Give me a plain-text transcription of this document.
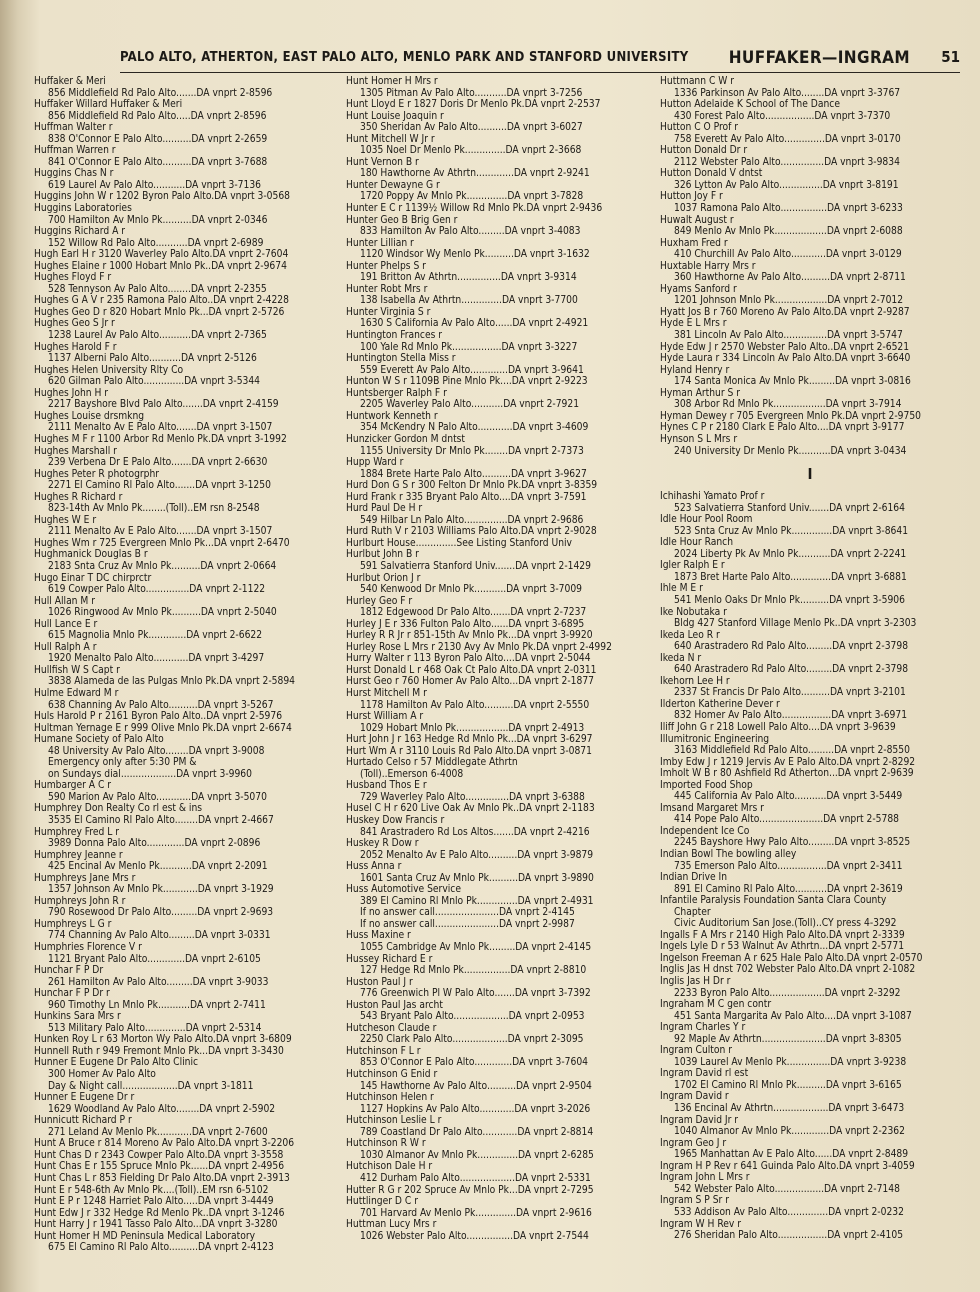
PALO ALTO, ATHERTON, EAST PALO ALTO, MENLO PARK AND STANFORD UNIVERSITY HUFFAKER—INGRAM 51
Huffaker & Meri
856 Middlefield Rd Palo Alto.......DA vnprt 2-8596
Huffaker Willard Huffaker & Meri
856 Middlefield Rd Palo Alto.....DA vnprt 2-8596
Huffman Walter r
838 O'Connor E Palo Alto..........DA vnprt 2-2659
Huffman Warren r
841 O'Connor E Palo Alto..........DA vnprt 3-7688
Huggins Chas N r
619 Laurel Av Palo Alto...........DA vnprt 3-7136
Huggins John W r 1202 Byron Palo Alto.DA vnprt 3-0568
Huggins Laboratories
700 Hamilton Av Mnlo Pk..........DA vnprt 2-0346
Huggins Richard A r
152 Willow Rd Palo Alto...........DA vnprt 2-6989
Hugh Earl H r 3120 Waverley Palo Alto.DA vnprt 2-7604
Hughes Elaine r 1000 Hobart Mnlo Pk..DA vnprt 2-9674
Hughes Floyd F r
528 Tennyson Av Palo Alto........DA vnprt 2-2355
Hughes G A V r 235 Ramona Palo Alto..DA vnprt 2-4228
Hughes Geo D r 820 Hobart Mnlo Pk...DA vnprt 2-5726
Hughes Geo S Jr r
1238 Laurel Av Palo Alto...........DA vnprt 2-7365
Hughes Harold F r
1137 Alberni Palo Alto...........DA vnprt 2-5126
Hughes Helen University Rlty Co
620 Gilman Palo Alto..............DA vnprt 3-5344
Hughes John H r
2217 Bayshore Blvd Palo Alto.......DA vnprt 2-4159
Hughes Louise drsmkng
2111 Menalto Av E Palo Alto.......DA vnprt 3-1507
Hughes M F r 1100 Arbor Rd Menlo Pk.DA vnprt 3-1992
Hughes Marshall r
239 Verbena Dr E Palo Alto.......DA vnprt 2-6630
Hughes Peter R photogrphr
2271 El Camino Rl Palo Alto.......DA vnprt 3-1250
Hughes R Richard r
823-14th Av Mnlo Pk........(Toll)..EM rsn 8-2548
Hughes W E r
2111 Menalto Av E Palo Alto.......DA vnprt 3-1507
Hughes Wm r 725 Evergreen Mnlo Pk...DA vnprt 2-6470
Hughmanick Douglas B r
2183 Snta Cruz Av Mnlo Pk..........DA vnprt 2-0664
Hugo Einar T DC chirprctr
619 Cowper Palo Alto...............DA vnprt 2-1122
Hull Allan M r
1026 Ringwood Av Mnlo Pk..........DA vnprt 2-5040
Hull Lance E r
615 Magnolia Mnlo Pk.............DA vnprt 2-6622
Hull Ralph A r
1920 Menalto Palo Alto............DA vnprt 3-4297
Hullfish W S Capt r
3838 Alameda de las Pulgas Mnlo Pk.DA vnprt 2-5894
Hulme Edward M r
638 Channing Av Palo Alto..........DA vnprt 3-5267
Huls Harold P r 2161 Byron Palo Alto..DA vnprt 2-5976
Hultman Yernage E r 999 Olive Mnlo Pk.DA vnprt 2-6674
Humane Society of Palo Alto
48 University Av Palo Alto........DA vnprt 3-9008
Emergency only after 5:30 PM &
on Sundays dial...................DA vnprt 3-9960
Humbarger A C r
590 Marion Av Palo Alto............DA vnprt 3-5070
Humphrey Don Realty Co rl est & ins
3535 El Camino Rl Palo Alto........DA vnprt 2-4667
Humphrey Fred L r
3989 Donna Palo Alto.............DA vnprt 2-0896
Humphrey Jeanne r
425 Encinal Av Menlo Pk...........DA vnprt 2-2091
Humphreys Jane Mrs r
1357 Johnson Av Mnlo Pk............DA vnprt 3-1929
Humphreys John R r
790 Rosewood Dr Palo Alto.........DA vnprt 2-9693
Humphreys L G r
774 Channing Av Palo Alto.........DA vnprt 3-0331
Humphries Florence V r
1121 Bryant Palo Alto.............DA vnprt 2-6105
Hunchar F P Dr
261 Hamilton Av Palo Alto.........DA vnprt 3-9033
Hunchar F P Dr r
960 Timothy Ln Mnlo Pk...........DA vnprt 2-7411
Hunkins Sara Mrs r
513 Military Palo Alto..............DA vnprt 2-5314
Hunken Roy L r 63 Morton Wy Palo Alto.DA vnprt 3-6809
Hunnell Ruth r 949 Fremont Mnlo Pk...DA vnprt 3-3430
Hunner E Eugene Dr Palo Alto Clinic
300 Homer Av Palo Alto
Day & Night call...................DA vnprt 3-1811
Hunner E Eugene Dr r
1629 Woodland Av Palo Alto........DA vnprt 2-5902
Hunnicutt Richard P r
271 Leland Av Menlo Pk............DA vnprt 2-7600
Hunt A Bruce r 814 Moreno Av Palo Alto.DA vnprt 3-2206
Hunt Chas D r 2343 Cowper Palo Alto.DA vnprt 3-3558
Hunt Chas E r 155 Spruce Mnlo Pk......DA vnprt 2-4956
Hunt Chas L r 853 Fielding Dr Palo Alto.DA vnprt 2-3913
Hunt E r 548-6th Av Mnlo Pk....(Toll)..EM rsn 6-5102
Hunt E P r 1248 Harriet Palo Alto.....DA vnprt 3-4449
Hunt Edw J r 332 Hedge Rd Menlo Pk..DA vnprt 3-1246
Hunt Harry J r 1941 Tasso Palo Alto...DA vnprt 3-3280
Hunt Homer H MD Peninsula Medical Laboratory
675 El Camino Rl Palo Alto..........DA vnprt 2-4123
Hunt Homer H Mrs r
1305 Pitman Av Palo Alto...........DA vnprt 3-7256
Hunt Lloyd E r 1827 Doris Dr Menlo Pk.DA vnprt 2-2537
Hunt Louise Joaquin r
350 Sheridan Av Palo Alto..........DA vnprt 3-6027
Hunt Mitchell W Jr r
1035 Noel Dr Menlo Pk..............DA vnprt 2-3668
Hunt Vernon B r
180 Hawthorne Av Athrtn.............DA vnprt 2-9241
Hunter Dewayne G r
1720 Poppy Av Mnlo Pk..............DA vnprt 3-7828
Hunter E C r 1139½ Willow Rd Mnlo Pk.DA vnprt 2-9436
Hunter Geo B Brig Gen r
833 Hamilton Av Palo Alto.........DA vnprt 3-4083
Hunter Lillian r
1120 Windsor Wy Menlo Pk..........DA vnprt 3-1632
Hunter Phelps S r
191 Britton Av Athrtn...............DA vnprt 3-9314
Hunter Robt Mrs r
138 Isabella Av Athrtn..............DA vnprt 3-7700
Hunter Virginia S r
1630 S California Av Palo Alto......DA vnprt 2-4921
Huntington Frances r
100 Yale Rd Mnlo Pk.................DA vnprt 3-3227
Huntington Stella Miss r
559 Everett Av Palo Alto.............DA vnprt 3-9641
Hunton W S r 1109B Pine Mnlo Pk....DA vnprt 2-9223
Huntsberger Ralph F r
2205 Waverley Palo Alto...........DA vnprt 2-7921
Huntwork Kenneth r
354 McKendry N Palo Alto............DA vnprt 3-4609
Hunzicker Gordon M dntst
1155 University Dr Mnlo Pk........DA vnprt 2-7373
Hupp Ward r
1884 Brete Harte Palo Alto..........DA vnprt 3-9627
Hurd Don G S r 300 Felton Dr Mnlo Pk.DA vnprt 3-8359
Hurd Frank r 335 Bryant Palo Alto....DA vnprt 3-7591
Hurd Paul De H r
549 Hilbar Ln Palo Alto...............DA vnprt 2-9686
Hurd Ruth V r 2103 Williams Palo Alto.DA vnprt 2-9028
Hurlburt House..............See Listing Stanford Univ
Hurlbut John B r
591 Salvatierra Stanford Univ.......DA vnprt 2-1429
Hurlbut Orion J r
540 Kenwood Dr Mnlo Pk...........DA vnprt 3-7009
Hurley Geo F r
1812 Edgewood Dr Palo Alto.......DA vnprt 2-7237
Hurley J E r 336 Fulton Palo Alto......DA vnprt 3-6895
Hurley R R Jr r 851-15th Av Mnlo Pk...DA vnprt 3-9920
Hurley Rose L Mrs r 2130 Avy Av Mnlo Pk.DA vnprt 2-4992
Hurry Walter r 113 Byron Palo Alto....DA vnprt 2-5044
Hurst Donald L r 468 Oak Ct Palo Alto.DA vnprt 2-0311
Hurst Geo r 760 Homer Av Palo Alto...DA vnprt 2-1877
Hurst Mitchell M r
1178 Hamilton Av Palo Alto..........DA vnprt 2-5550
Hurst William A r
1029 Hobart Mnlo Pk..................DA vnprt 2-4913
Hurt John J r 163 Hedge Rd Mnlo Pk...DA vnprt 3-6297
Hurt Wm A r 3110 Louis Rd Palo Alto.DA vnprt 3-0871
Hurtado Celso r 57 Middlegate Athrtn
(Toll)..Emerson 6-4008
Husband Thos E r
729 Waverley Palo Alto...............DA vnprt 3-6388
Husel C H r 620 Live Oak Av Mnlo Pk..DA vnprt 2-1183
Huskey Dow Francis r
841 Arastradero Rd Los Altos.......DA vnprt 2-4216
Huskey R Dow r
2052 Menalto Av E Palo Alto..........DA vnprt 3-9879
Huss Anna r
1601 Santa Cruz Av Mnlo Pk..........DA vnprt 3-9890
Huss Automotive Service
389 El Camino Rl Mnlo Pk..............DA vnprt 2-4931
If no answer call......................DA vnprt 2-4145
If no answer call......................DA vnprt 2-9987
Huss Maxine r
1055 Cambridge Av Mnlo Pk.........DA vnprt 2-4145
Hussey Richard E r
127 Hedge Rd Mnlo Pk................DA vnprt 2-8810
Huston Paul J r
776 Greenwich Pl W Palo Alto.......DA vnprt 3-7392
Huston Paul Jas archt
543 Bryant Palo Alto...................DA vnprt 2-0953
Hutcheson Claude r
2250 Clark Palo Alto...................DA vnprt 2-3095
Hutchinson F L r
853 O'Connor E Palo Alto.............DA vnprt 3-7604
Hutchinson G Enid r
145 Hawthorne Av Palo Alto..........DA vnprt 2-9504
Hutchinson Helen r
1127 Hopkins Av Palo Alto............DA vnprt 3-2026
Hutchinson Leslie L r
789 Coastland Dr Palo Alto............DA vnprt 2-8814
Hutchinson R W r
1030 Almanor Av Mnlo Pk..............DA vnprt 2-6285
Hutchison Dale H r
412 Durham Palo Alto...................DA vnprt 2-5331
Hutter R G r 202 Spruce Av Mnlo Pk...DA vnprt 2-7295
Huttlinger D C r
701 Harvard Av Menlo Pk..............DA vnprt 2-9616
Huttman Lucy Mrs r
1026 Webster Palo Alto................DA vnprt 2-7544
Huttmann C W r
1336 Parkinson Av Palo Alto........DA vnprt 3-3767
Hutton Adelaide K School of The Dance
430 Forest Palo Alto.................DA vnprt 3-7370
Hutton C O Prof r
758 Everett Av Palo Alto..............DA vnprt 3-0170
Hutton Donald Dr r
2112 Webster Palo Alto...............DA vnprt 3-9834
Hutton Donald V dntst
326 Lytton Av Palo Alto...............DA vnprt 3-8191
Hutton Joy F r
1037 Ramona Palo Alto................DA vnprt 3-6233
Huwalt August r
849 Menlo Av Mnlo Pk..................DA vnprt 2-6088
Huxham Fred r
410 Churchill Av Palo Alto............DA vnprt 3-0129
Huxtable Harry Mrs r
360 Hawthorne Av Palo Alto..........DA vnprt 2-8711
Hyams Sanford r
1201 Johnson Mnlo Pk..................DA vnprt 2-7012
Hyatt Jos B r 760 Moreno Av Palo Alto.DA vnprt 2-9287
Hyde E L Mrs r
381 Lincoln Av Palo Alto...............DA vnprt 3-5747
Hyde Edw J r 2570 Webster Palo Alto..DA vnprt 2-6521
Hyde Laura r 334 Lincoln Av Palo Alto.DA vnprt 3-6640
Hyland Henry r
174 Santa Monica Av Mnlo Pk.........DA vnprt 3-0816
Hyman Arthur S r
308 Arbor Rd Mnlo Pk..................DA vnprt 3-7914
Hyman Dewey r 705 Evergreen Mnlo Pk.DA vnprt 2-9750
Hynes C P r 2180 Clark E Palo Alto....DA vnprt 3-9177
Hynson S L Mrs r
240 University Dr Menlo Pk...........DA vnprt 3-0434
I
Ichihashi Yamato Prof r
523 Salvatierra Stanford Univ.......DA vnprt 2-6164
Idle Hour Pool Room
523 Snta Cruz Av Mnlo Pk..............DA vnprt 3-8641
Idle Hour Ranch
2024 Liberty Pk Av Mnlo Pk...........DA vnprt 2-2241
Igler Ralph E r
1873 Bret Harte Palo Alto..............DA vnprt 3-6881
Ihle M E r
541 Menlo Oaks Dr Mnlo Pk..........DA vnprt 3-5906
Ike Nobutaka r
Bldg 427 Stanford Village Menlo Pk..DA vnprt 3-2303
Ikeda Leo R r
640 Arastradero Rd Palo Alto.........DA vnprt 2-3798
Ikeda N r
640 Arastradero Rd Palo Alto.........DA vnprt 2-3798
Ikehorn Lee H r
2337 St Francis Dr Palo Alto..........DA vnprt 3-2101
Ilderton Katherine Dever r
832 Homer Av Palo Alto.................DA vnprt 3-6971
Iliff John G r 218 Lowell Palo Alto....DA vnprt 3-9639
Illumitronic Engineering
3163 Middlefield Rd Palo Alto.........DA vnprt 2-8550
Imby Edw J r 1219 Jervis Av E Palo Alto.DA vnprt 2-8292
Imholt W B r 80 Ashfield Rd Atherton...DA vnprt 2-9639
Imported Food Shop
445 California Av Palo Alto...........DA vnprt 3-5449
Imsand Margaret Mrs r
414 Pope Palo Alto......................DA vnprt 2-5788
Independent Ice Co
2245 Bayshore Hwy Palo Alto.........DA vnprt 3-8525
Indian Bowl The bowling alley
735 Emerson Palo Alto.................DA vnprt 2-3411
Indian Drive In
891 El Camino Rl Palo Alto...........DA vnprt 2-3619
Infantile Paralysis Foundation Santa Clara County
Chapter
Civic Auditorium San Jose.(Toll)..CY press 4-3292
Ingalls F A Mrs r 2140 High Palo Alto.DA vnprt 2-3339
Ingels Lyle D r 53 Walnut Av Athrtn...DA vnprt 2-5771
Ingelson Freeman A r 625 Hale Palo Alto.DA vnprt 2-0570
Inglis Jas H dnst 702 Webster Palo Alto.DA vnprt 2-1082
Inglis Jas H Dr r
2233 Byron Palo Alto...................DA vnprt 2-3292
Ingraham M C gen contr
451 Santa Margarita Av Palo Alto....DA vnprt 3-1087
Ingram Charles Y r
92 Maple Av Athrtn......................DA vnprt 3-8305
Ingram Culton r
1039 Laurel Av Menlo Pk...............DA vnprt 3-9238
Ingram David rl est
1702 El Camino Rl Mnlo Pk..........DA vnprt 3-6165
Ingram David r
136 Encinal Av Athrtn...................DA vnprt 3-6473
Ingram David Jr r
1040 Almanor Av Mnlo Pk.............DA vnprt 2-2362
Ingram Geo J r
1965 Manhattan Av E Palo Alto......DA vnprt 2-8489
Ingram H P Rev r 641 Guinda Palo Alto.DA vnprt 3-4059
Ingram John L Mrs r
542 Webster Palo Alto.................DA vnprt 2-7148
Ingram S P Sr r
533 Addison Av Palo Alto..............DA vnprt 2-0232
Ingram W H Rev r
276 Sheridan Palo Alto.................DA vnprt 2-4105
